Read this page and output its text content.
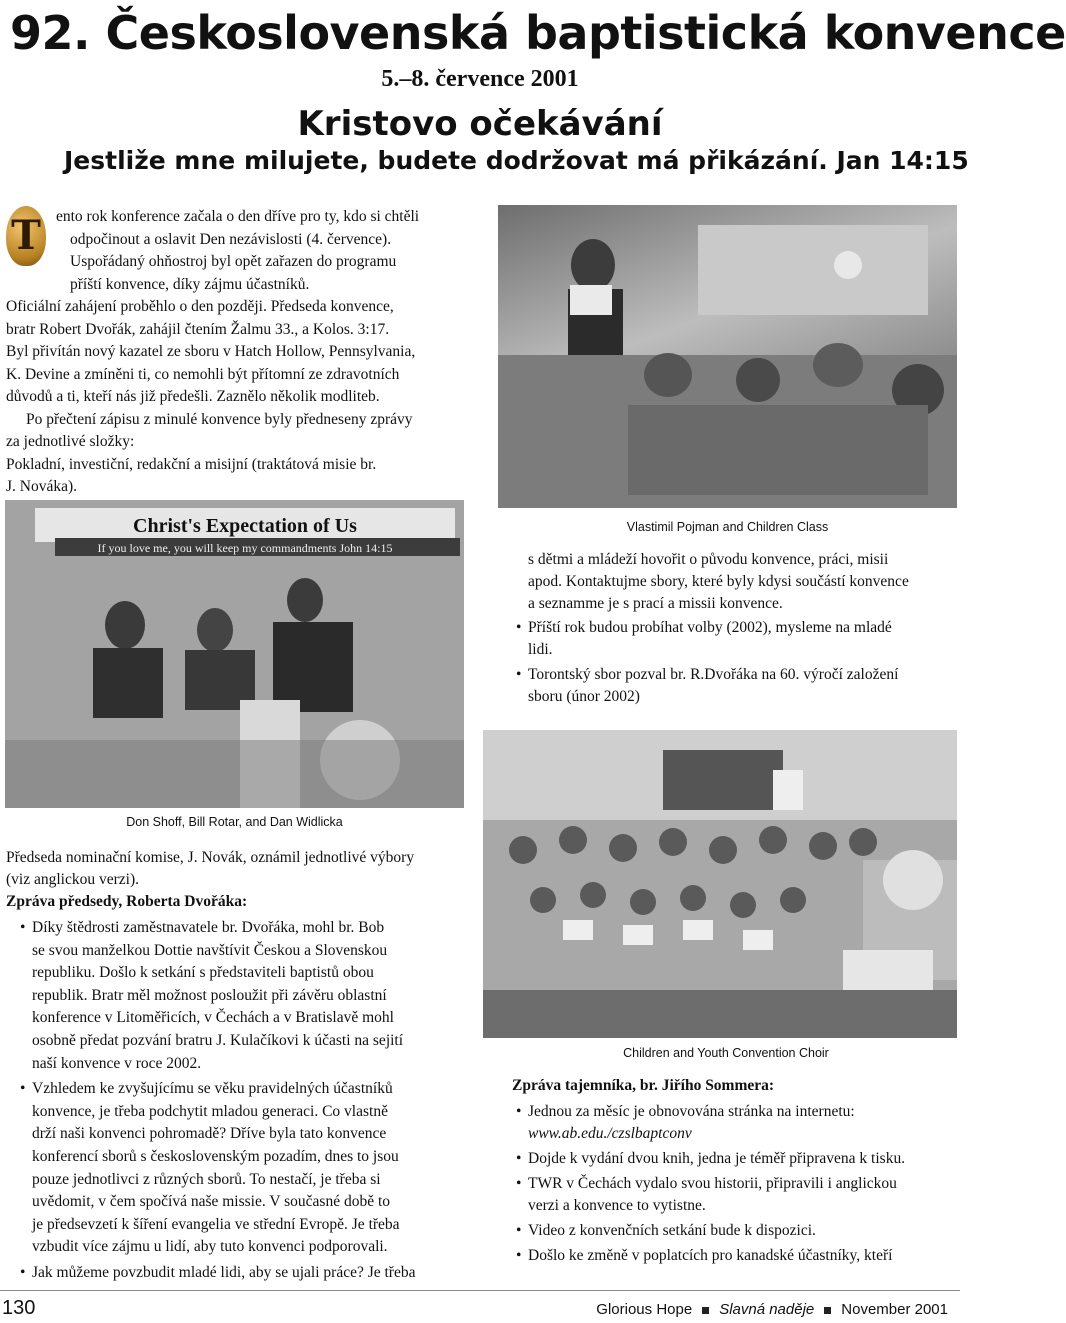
92. Československá baptistická konvence
5.–8. července 2001
Kristovo očekávání
Jestliže mne milujete, budete dodržovat má přikázání. Jan 14:15
T ento rok konference začala o den dříve pro ty, kdo si chtěli
odpočinout a oslavit Den nezávislosti (4. července).
Uspořádaný ohňostroj byl opět zařazen do programu
příští konvence, díky zájmu účastníků.
Oficiální zahájení proběhlo o den později. Předseda konvence,
bratr Robert Dvořák, zahájil čtením Žalmu 33., a Kolos. 3:17.
Byl přivítán nový kazatel ze sboru v Hatch Hollow, Pennsylvania,
K. Devine a zmíněni ti, co nemohli být přítomní ze zdravotních
důvodů a ti, kteří nás již předešli. Zaznělo několik modliteb.
Po přečtení zápisu z minulé konvence byly předneseny zprávy
za jednotlivé složky:
Pokladní, investiční, redakční a misijní (traktátová misie br.
J. Nováka).
Vlastimil Pojman and Children Class
Christ's Expectation of Us
If you love me, you will keep my commandments John 14:15
Don Shoff, Bill Rotar, and Dan Widlicka
s dětmi a mládeží hovořit o původu konvence, práci, misii
apod. Kontaktujme sbory, které byly kdysi součástí konvence
a seznamme je s prací a missii konvence.
• Příští rok budou probíhat volby (2002), mysleme na mladé
lidi.
• Torontský sbor pozval br. R.Dvořáka na 60. výročí založení
sboru (únor 2002)
Children and Youth Convention Choir
Předseda nominační komise, J. Novák, oznámil jednotlivé výbory
(viz anglickou verzi).
Zpráva předsedy, Roberta Dvořáka:
• Díky štědrosti zaměstnavatele br. Dvořáka, mohl br. Bob
se svou manželkou Dottie navštívit Českou a Slovenskou
republiku. Došlo k setkání s představiteli baptistů obou
republik. Bratr měl možnost posloužit při závěru oblastní
konference v Litoměřicích, v Čechách a v Bratislavě mohl
osobně předat pozvání bratru J. Kulačíkovi k účasti na sejití
naší konvence v roce 2002.
• Vzhledem ke zvyšujícímu se věku pravidelných účastníků
konvence, je třeba podchytit mladou generaci. Co vlastně
drží naši konvenci pohromadě? Dříve byla tato konvence
konferencí sborů s československým pozadím, dnes to jsou
pouze jednotlivci z různých sborů. To nestačí, je třeba si
uvědomit, v čem spočívá naše missie. V současné době to
je předsevzetí k šíření evangelia ve střední Evropě. Je třeba
vzbudit více zájmu u lidí, aby tuto konvenci podporovali.
• Jak můžeme povzbudit mladé lidi, aby se ujali práce? Je třeba
Zpráva tajemníka, br. Jiřího Sommera:
• Jednou za měsíc je obnovována stránka na internetu:
www.ab.edu./czslbaptconv
• Dojde k vydání dvou knih, jedna je téměř připravena k tisku.
• TWR v Čechách vydalo svou historii, připravili i anglickou
verzi a konvence to vytistne.
• Video z konvenčních setkání bude k dispozici.
• Došlo ke změně v poplatcích pro kanadské účastníky, kteří
130	Glorious Hope Slavná naděje November 2001
